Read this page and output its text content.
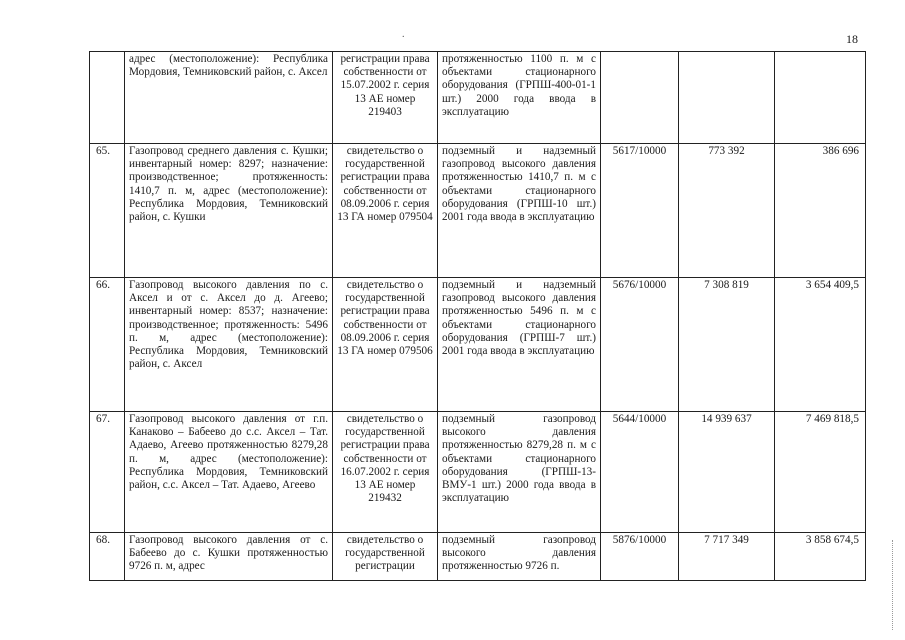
18
.
	адрес (местоположение): Республика Мордовия, Темниковский район, с. Аксел	регистрации права собственности от 15.07.2002 г. серия 13 АЕ номер 219403	протяженностью 1100 п. м с объектами стационарного оборудования (ГРПШ-400-01-1 шт.) 2000 года ввода в эксплуатацию			
65.	Газопровод среднего давления с. Кушки; инвентарный номер: 8297; назначение: производственное; протяженность: 1410,7 п. м, адрес (местоположение): Республика Мордовия, Темниковский район, с. Кушки	свидетельство о государственной регистрации права собственности от 08.09.2006 г. серия 13 ГА номер 079504	подземный и надземный газопровод высокого давления протяженностью 1410,7 п. м с объектами стационарного оборудования (ГРПШ-10 шт.) 2001 года ввода в эксплуатацию	5617/10000	773 392	386 696
66.	Газопровод высокого давления по с. Аксел и от с. Аксел до д. Агеево; инвентарный номер: 8537; назначение: производственное; протяженность: 5496 п. м, адрес (местоположение): Республика Мордовия, Темниковский район, с. Аксел	свидетельство о государственной регистрации права собственности от 08.09.2006 г. серия 13 ГА номер 079506	подземный и надземный газопровод высокого давления протяженностью 5496 п. м с объектами стационарного оборудования (ГРПШ-7 шт.) 2001 года ввода в эксплуатацию	5676/10000	7 308 819	3 654 409,5
67.	Газопровод высокого давления от г.п. Канаково – Бабеево до с.с. Аксел – Тат. Адаево, Агеево протяженностью 8279,28 п. м, адрес (местоположение): Республика Мордовия, Темниковский район, с.с. Аксел – Тат. Адаево, Агеево	свидетельство о государственной регистрации права собственности от 16.07.2002 г. серия 13 АЕ номер 219432	подземный газопровод высокого давления протяженностью 8279,28 п. м с объектами стационарного оборудования (ГРПШ-13-ВМУ-1 шт.) 2000 года ввода в эксплуатацию	5644/10000	14 939 637	7 469 818,5
68.	Газопровод высокого давления от с. Бабеево до с. Кушки протяженностью 9726 п. м, адрес	свидетельство о государственной регистрации	подземный газопровод высокого давления протяженностью 9726 п.	5876/10000	7 717 349	3 858 674,5
